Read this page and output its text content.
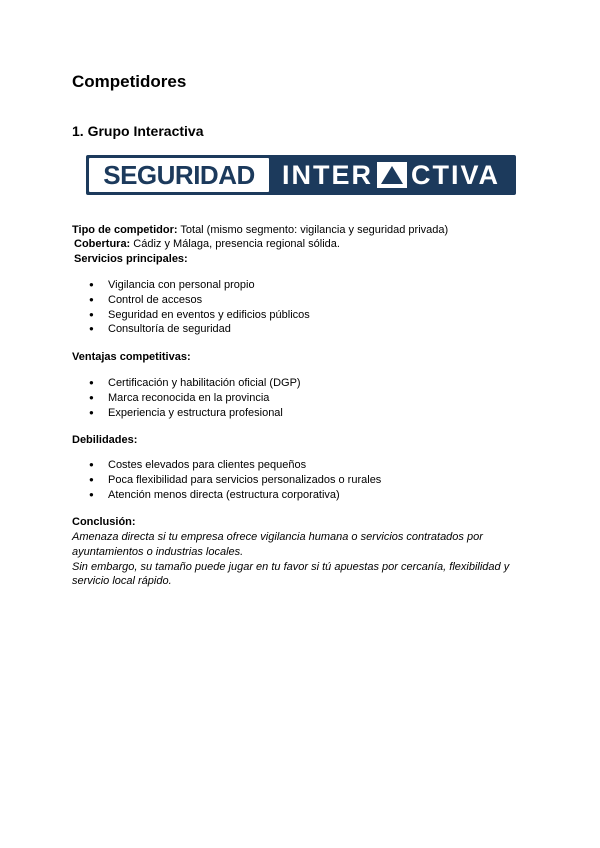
Competidores
1. Grupo Interactiva
SEGURIDAD	INTER CTIVA
Tipo de competidor: Total (mismo segmento: vigilancia y seguridad privada)
Cobertura: Cádiz y Málaga, presencia regional sólida.
Servicios principales:
● Vigilancia con personal propio
● Control de accesos
● Seguridad en eventos y edificios públicos
● Consultoría de seguridad
Ventajas competitivas:
● Certificación y habilitación oficial (DGP)
● Marca reconocida en la provincia
● Experiencia y estructura profesional
Debilidades:
● Costes elevados para clientes pequeños
● Poca flexibilidad para servicios personalizados o rurales
● Atención menos directa (estructura corporativa)
Conclusión:
Amenaza directa si tu empresa ofrece vigilancia humana o servicios contratados por ayuntamientos o industrias locales.
Sin embargo, su tamaño puede jugar en tu favor si tú apuestas por cercanía, flexibilidad y servicio local rápido.
